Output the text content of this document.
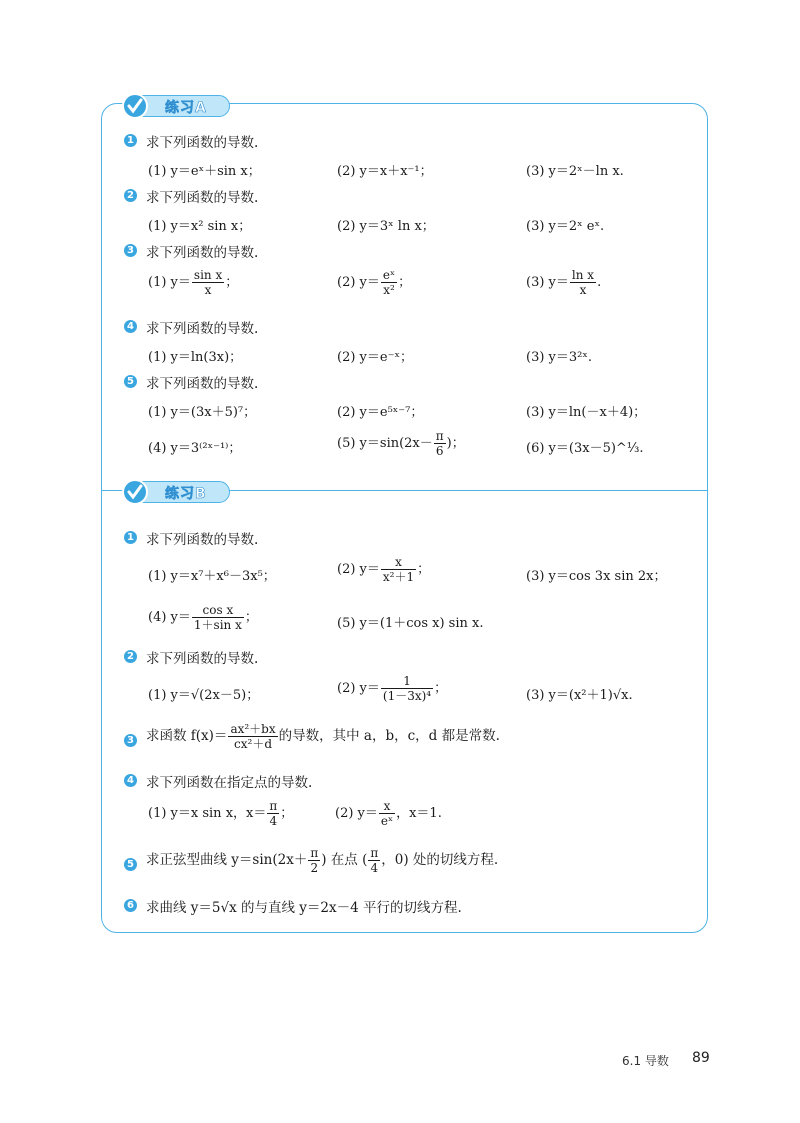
练习A
1 求下列函数的导数.
(1) y＝eˣ＋sin x；	(2) y＝x＋x⁻¹；	(3) y＝2ˣ－ln x.
2 求下列函数的导数.
(1) y＝x² sin x；	(2) y＝3ˣ ln x；	(3) y＝2ˣ eˣ.
3 求下列函数的导数.
(1) $y= \frac{\text{sin x}}{x}$ ；	(2) $y= \frac{\text{eˣ}}{\text{x²}}$ ；	(3) $y= \frac{\text{ln x}}{x}$ .
4 求下列函数的导数.
(1) y＝ln(3x)；	(2) y＝e⁻ˣ；	(3) y＝3²ˣ.
5 求下列函数的导数.
(1) y＝(3x＋5)⁷；	(2) y＝e⁵ˣ⁻⁷；	(3) y＝ln(－x＋4)；
(4) y＝3⁽²ˣ⁻¹⁾；	(5) $y=\sin(2x- \frac{\pi}{6}$ )；	(6) y＝(3x－5)^⅓.
练习B
1 求下列函数的导数.
(1) y＝x⁷＋x⁶－3x⁵；	(2) $y= \frac{x}{\text{x²＋1}}$ ；	(3) y＝cos 3x sin 2x；
(4) $y= \frac{\text{cos x}}{\text{1＋sin x}}$ ；	(5) y＝(1＋cos x) sin x.
2 求下列函数的导数.
(1) y＝√(2x－5)；	(2) $y= \frac{1}{\text{(1－3x)⁴}}$ ；	(3) y＝(x²＋1)√x.
3 求函数 $f(x)= \frac{\text{ax²＋bx}}{\text{cx²＋d}}$ 的导数，其中 a，b，c，d 都是常数.
4 求下列函数在指定点的导数.
(1) y＝x sin x，$x= \frac{\pi}{4}$ ；	(2) $y= \frac{x}{\text{eˣ}}$ ，x＝1.
5 求正弦型曲线 $y=\sin(2x+ \frac{\pi}{2}$ ) 在点 ( $\frac{\pi}{4}$ ，0) 处的切线方程.
6 求曲线 y＝5√x 的与直线 y＝2x－4 平行的切线方程.
6.1 导数 89
